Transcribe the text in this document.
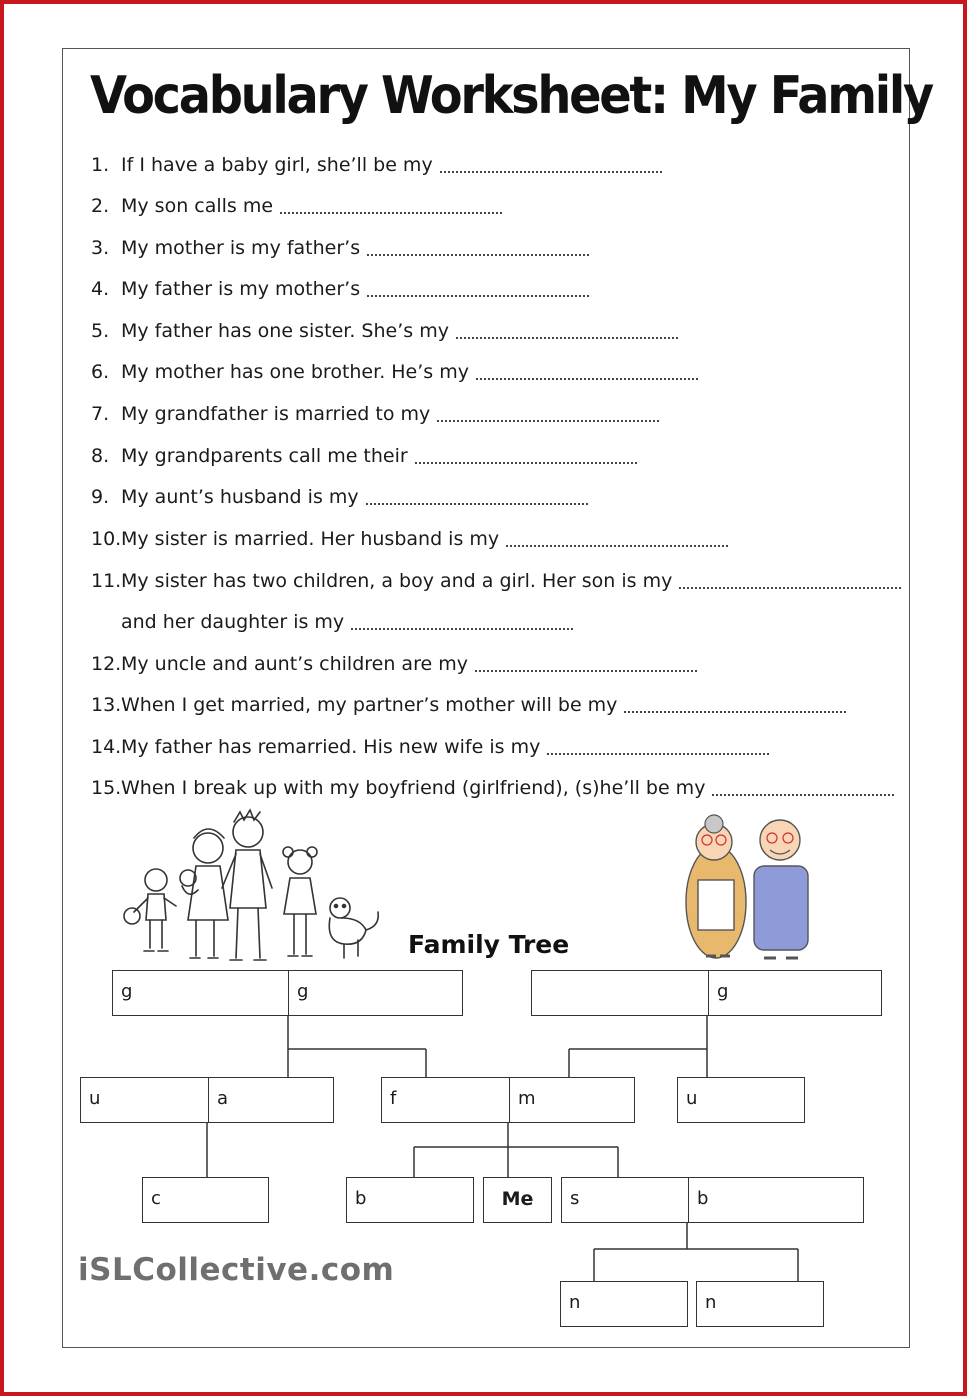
Vocabulary Worksheet: My Family
1. If I have a baby girl, she’ll be my
2. My son calls me
3. My mother is my father’s
4. My father is my mother’s
5. My father has one sister. She’s my
6. My mother has one brother. He’s my
7. My grandfather is married to my
8. My grandparents call me their
9. My aunt’s husband is my
10. My sister is married. Her husband is my
11. My sister has two children, a boy and a girl. Her son is my
and her daughter is my
12. My uncle and aunt’s children are my
13. When I get married, my partner’s mother will be my
14. My father has remarried. His new wife is my
15. When I break up with my boyfriend (girlfriend), (s)he’ll be my
Family Tree
g	g	g
u	a	f	m	u
c	b	Me	s	b
n	n
iSLCollective.com
